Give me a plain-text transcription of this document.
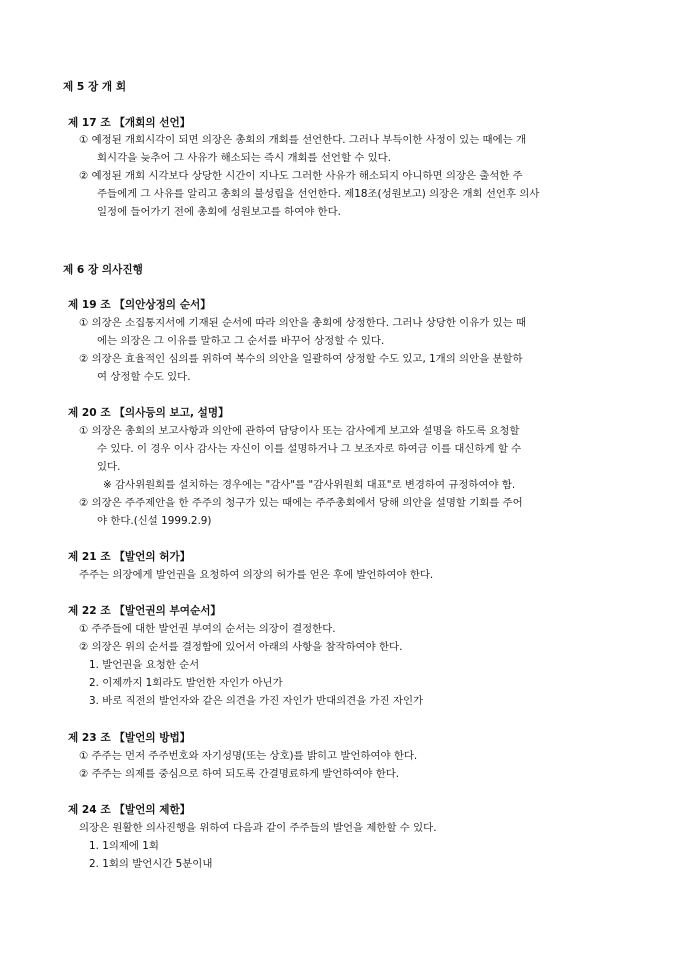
제 5 장 개 회
제 17 조 【개회의 선언】
① 예정된 개회시각이 되면 의장은 총회의 개회를 선언한다. 그러나 부득이한 사정이 있는 때에는 개
회시각을 늦추어 그 사유가 해소되는 즉시 개회를 선언할 수 있다.
② 예정된 개회 시각보다 상당한 시간이 지나도 그러한 사유가 해소되지 아니하면 의장은 출석한 주
주들에게 그 사유를 알리고 총회의 불성립을 선언한다. 제18조(성원보고) 의장은 개회 선언후 의사
일정에 들어가기 전에 총회에 성원보고를 하여야 한다.
제 6 장 의사진행
제 19 조 【의안상정의 순서】
① 의장은 소집통지서에 기재된 순서에 따라 의안을 총회에 상정한다. 그러나 상당한 이유가 있는 때
에는 의장은 그 이유를 말하고 그 순서를 바꾸어 상정할 수 있다.
② 의장은 효율적인 심의를 위하여 복수의 의안을 일괄하여 상정할 수도 있고, 1개의 의안을 분할하
여 상정할 수도 있다.
제 20 조 【의사등의 보고, 설명】
① 의장은 총회의 보고사항과 의안에 관하여 담당이사 또는 감사에게 보고와 설명을 하도록 요청할
수 있다. 이 경우 이사 감사는 자신이 이를 설명하거나 그 보조자로 하여금 이를 대신하게 할 수
있다.
※ 감사위원회를 설치하는 경우에는 "감사"를 "감사위원회 대표"로 변경하여 규정하여야 함.
② 의장은 주주제안을 한 주주의 청구가 있는 때에는 주주총회에서 당해 의안을 설명할 기회를 주어
야 한다.(신설 1999.2.9)
제 21 조 【발언의 허가】
주주는 의장에게 발언권을 요청하여 의장의 허가를 얻은 후에 발언하여야 한다.
제 22 조 【발언권의 부여순서】
① 주주들에 대한 발언권 부여의 순서는 의장이 결정한다.
② 의장은 위의 순서를 결정함에 있어서 아래의 사항을 참작하여야 한다.
1. 발언권을 요청한 순서
2. 이제까지 1회라도 발언한 자인가 아닌가
3. 바로 직전의 발언자와 같은 의견을 가진 자인가 반대의견을 가진 자인가
제 23 조 【발언의 방법】
① 주주는 먼저 주주번호와 자기성명(또는 상호)를 밝히고 발언하여야 한다.
② 주주는 의제를 중심으로 하여 되도록 간결명료하게 발언하여야 한다.
제 24 조 【발언의 제한】
의장은 원활한 의사진행을 위하여 다음과 같이 주주들의 발언을 제한할 수 있다.
1. 1의제에 1회
2. 1회의 발언시간 5분이내
